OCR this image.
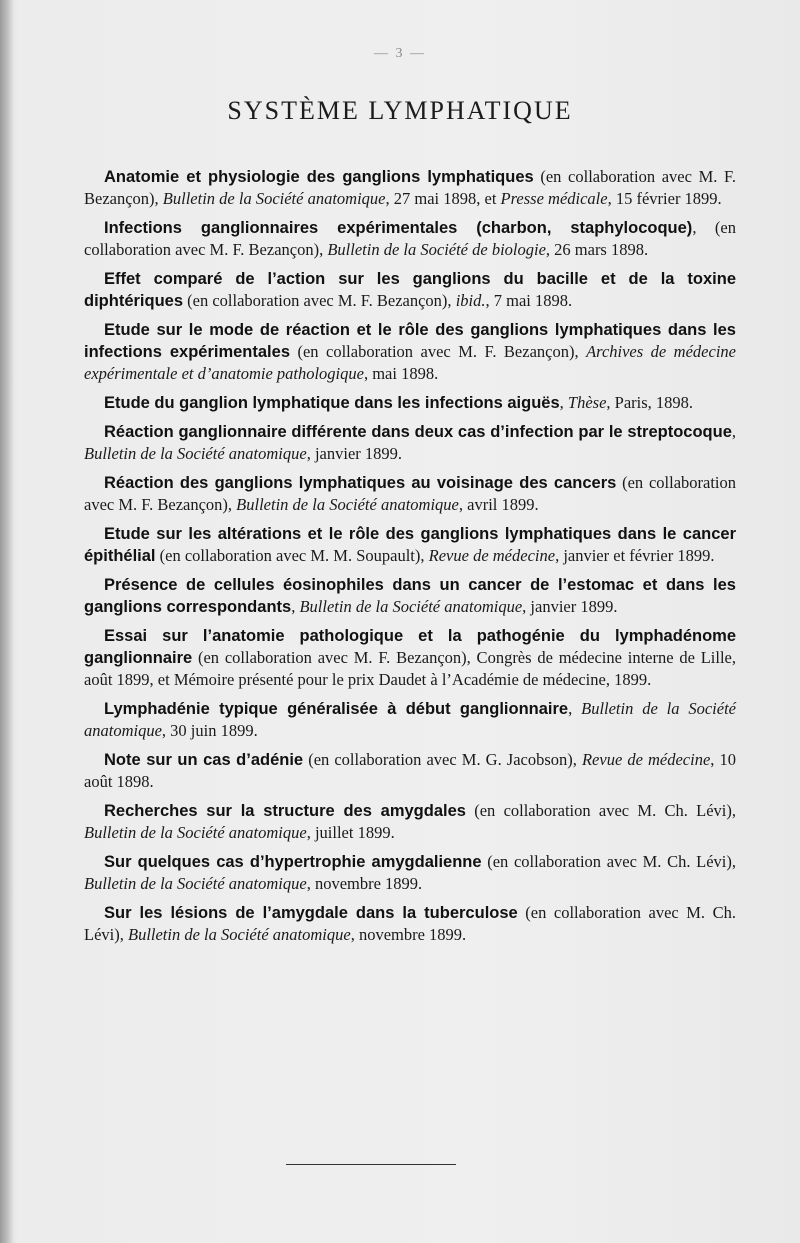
— 3 —
SYSTÈME LYMPHATIQUE

Anatomie et physiologie des ganglions lymphatiques (en collaboration avec M. F. Bezançon), Bulletin de la Société anatomique, 27 mai 1898, et Presse médicale, 15 février 1899.

Infections ganglionnaires expérimentales (charbon, staphylocoque), (en collaboration avec M. F. Bezançon), Bulletin de la Société de biologie, 26 mars 1898.

Effet comparé de l’action sur les ganglions du bacille et de la toxine diphtériques (en collaboration avec M. F. Bezançon), ibid., 7 mai 1898.

Etude sur le mode de réaction et le rôle des ganglions lymphatiques dans les infections expérimentales (en collaboration avec M. F. Bezançon), Archives de médecine expérimentale et d’anatomie pathologique, mai 1898.

Etude du ganglion lymphatique dans les infections aiguës, Thèse, Paris, 1898.

Réaction ganglionnaire différente dans deux cas d’infection par le streptocoque, Bulletin de la Société anatomique, janvier 1899.

Réaction des ganglions lymphatiques au voisinage des cancers (en collaboration avec M. F. Bezançon), Bulletin de la Société anatomique, avril 1899.

Etude sur les altérations et le rôle des ganglions lymphatiques dans le cancer épithélial (en collaboration avec M. M. Soupault), Revue de médecine, janvier et février 1899.

Présence de cellules éosinophiles dans un cancer de l’estomac et dans les ganglions correspondants, Bulletin de la Société anatomique, janvier 1899.

Essai sur l’anatomie pathologique et la pathogénie du lymphadénome ganglionnaire (en collaboration avec M. F. Bezançon), Congrès de médecine interne de Lille, août 1899, et Mémoire présenté pour le prix Daudet à l’Académie de médecine, 1899.

Lymphadénie typique généralisée à début ganglionnaire, Bulletin de la Société anatomique, 30 juin 1899.

Note sur un cas d’adénie (en collaboration avec M. G. Jacobson), Revue de médecine, 10 août 1898.

Recherches sur la structure des amygdales (en collaboration avec M. Ch. Lévi), Bulletin de la Société anatomique, juillet 1899.

Sur quelques cas d’hypertrophie amygdalienne (en collaboration avec M. Ch. Lévi), Bulletin de la Société anatomique, novembre 1899.

Sur les lésions de l’amygdale dans la tuberculose (en collaboration avec M. Ch. Lévi), Bulletin de la Société anatomique, novembre 1899.
